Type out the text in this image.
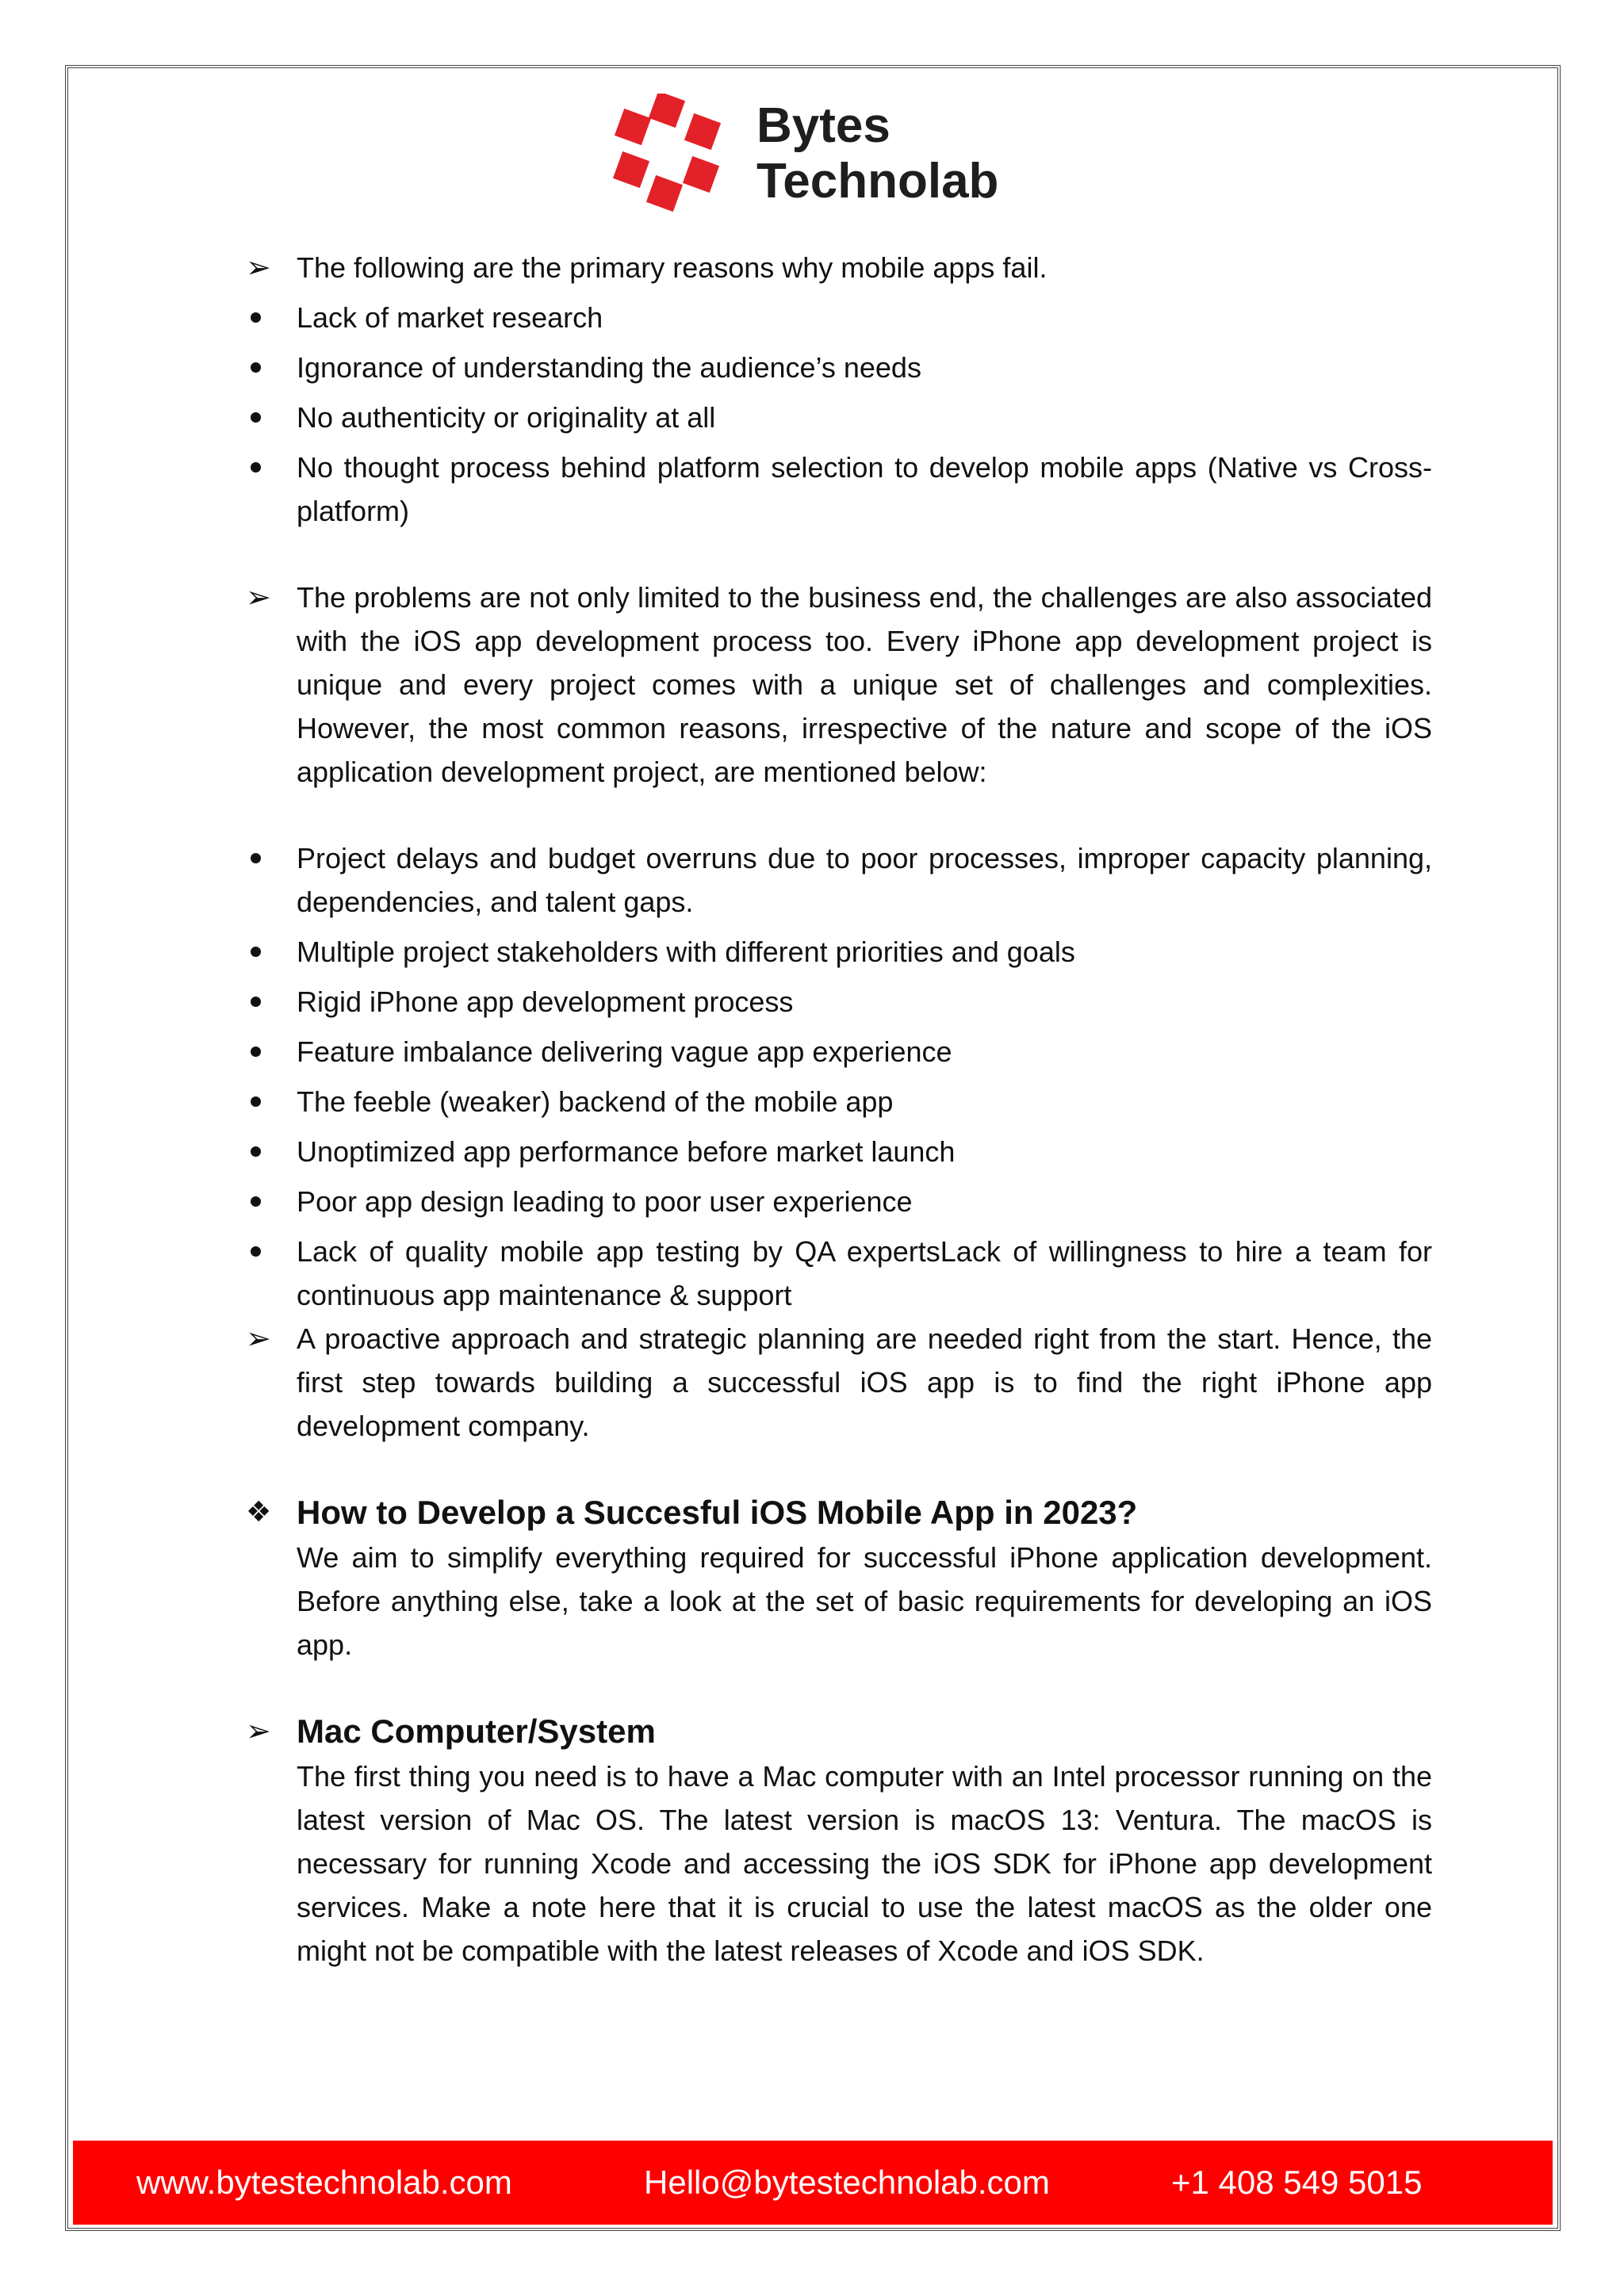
Bytes
Technolab
➢ The following are the primary reasons why mobile apps fail.
Lack of market research
Ignorance of understanding the audience’s needs
No authenticity or originality at all
No thought process behind platform selection to develop mobile apps (Native vs Cross-platform)
➢ The problems are not only limited to the business end, the challenges are also associated with the iOS app development process too. Every iPhone app development project is unique and every project comes with a unique set of challenges and complexities. However, the most common reasons, irrespective of the nature and scope of the iOS application development project, are mentioned below:
Project delays and budget overruns due to poor processes, improper capacity planning, dependencies, and talent gaps.
Multiple project stakeholders with different priorities and goals
Rigid iPhone app development process
Feature imbalance delivering vague app experience
The feeble (weaker) backend of the mobile app
Unoptimized app performance before market launch
Poor app design leading to poor user experience
Lack of quality mobile app testing by QA expertsLack of willingness to hire a team for continuous app maintenance & support
➢ A proactive approach and strategic planning are needed right from the start. Hence, the first step towards building a successful iOS app is to find the right iPhone app development company.
❖ How to Develop a Succesful iOS Mobile App in 2023?
We aim to simplify everything required for successful iPhone application development. Before anything else, take a look at the set of basic requirements for developing an iOS app.
➢ Mac Computer/System
The first thing you need is to have a Mac computer with an Intel processor running on the latest version of Mac OS. The latest version is macOS 13: Ventura. The macOS is necessary for running Xcode and accessing the iOS SDK for iPhone app development services. Make a note here that it is crucial to use the latest macOS as the older one might not be compatible with the latest releases of Xcode and iOS SDK.
www.bytestechnolab.com	Hello@bytestechnolab.com	+1 408 549 5015
